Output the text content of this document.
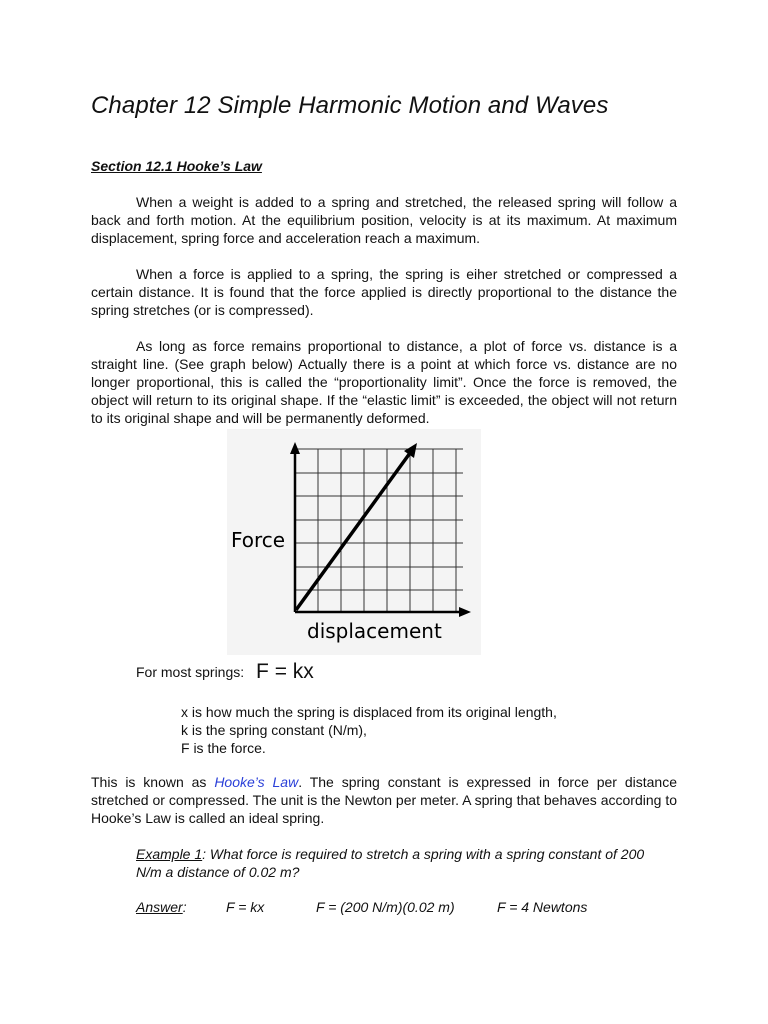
Chapter 12 Simple Harmonic Motion and Waves
Section 12.1 Hooke’s Law

When a weight is added to a spring and stretched, the released spring will follow a back and forth motion. At the equilibrium position, velocity is at its maximum. At maximum displacement, spring force and acceleration reach a maximum.

When a force is applied to a spring, the spring is eiher stretched or compressed a certain distance. It is found that the force applied is directly proportional to the distance the spring stretches (or is compressed).

As long as force remains proportional to distance, a plot of force vs. distance is a straight line. (See graph below) Actually there is a point at which force vs. distance are no longer proportional, this is called the “proportionality limit”. Once the force is removed, the object will return to its original shape. If the “elastic limit” is exceeded, the object will not return to its original shape and will be permanently deformed.

Force
displacement
For most springs: F = kx
x is how much the spring is displaced from its original length,
k is the spring constant (N/m),
F is the force.

This is known as Hooke’s Law. The spring constant is expressed in force per distance stretched or compressed. The unit is the Newton per meter. A spring that behaves according to Hooke’s Law is called an ideal spring.

Example 1: What force is required to stretch a spring with a spring constant of 200 N/m a distance of 0.02 m?

Answer:	F = kx	F = (200 N/m)(0.02 m)	F = 4 Newtons
